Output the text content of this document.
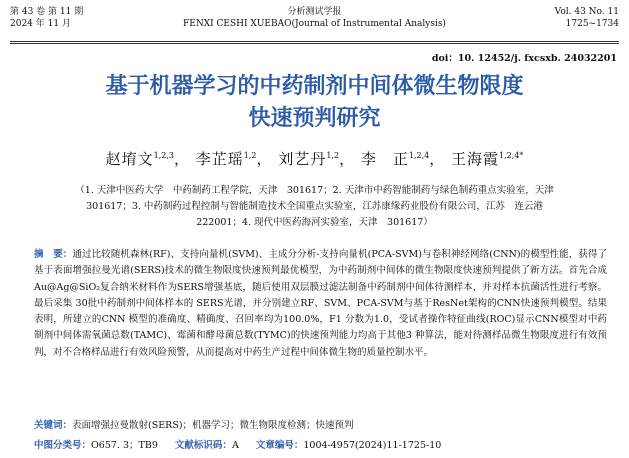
第 43 卷 第 11 期
2024 年 11 月
分析测试学报
FENXI CESHI XUEBAO(Journal of Instrumental Analysis)
Vol. 43 No. 11
1725~1734
doi：10. 12452/j. fxcsxb. 24032201
基于机器学习的中药制剂中间体微生物限度
快速预判研究
赵堉文$^{1,2,3}$， 李芷瑶$^{1,2}$， 刘艺丹$^{1,2}$， 李　正$^{1,2,4}$， 王海霞$^{1,2,4*}$
（1. 天津中医药大学　中药制药工程学院，天津　301617；2. 天津市中药智能制药与绿色制药重点实验室，天津
301617；3. 中药制药过程控制与智能制造技术全国重点实验室，江苏康缘药业股份有限公司，江苏　连云港
222001；4. 现代中医药海河实验室，天津　301617）
摘　要：通过比较随机森林(RF)、支持向量机(SVM)、主成分分析-支持向量机(PCA-SVM)与卷积神经网络(CNN)的模型性能，获得了基于表面增强拉曼光谱(SERS)技术的微生物限度快速预判最优模型，为中药制剂中间体的微生物限度快速预判提供了新方法。首先合成 Au@Ag@SiO₂复合纳米材料作为SERS增强基底，随后使用双层膜过滤法制备中药制剂中间体待测样本，并对样本抗菌活性进行考察。最后采集 30批中药制剂中间体样本的 SERS光谱，并分别建立RF、SVM、PCA-SVM与基于ResNet架构的CNN快速预判模型。结果表明，所建立的CNN 模型的准确度、精确度、召回率均为100.0%，F1 分数为1.0，受试者操作特征曲线(ROC)显示CNN模型对中药制剂中间体需氧菌总数(TAMC)、霉菌和酵母菌总数(TYMC)的快速预判能力均高于其他3 种算法，能对待测样品微生物限度进行有效预判，对不合格样品进行有效风险预警，从而提高对中药生产过程中间体微生物的质量控制水平。
关键词：表面增强拉曼散射(SERS)；机器学习；微生物限度检测；快速预判
中图分类号：O657. 3；TB9 文献标识码：A 文章编号：1004-4957(2024)11-1725-10
